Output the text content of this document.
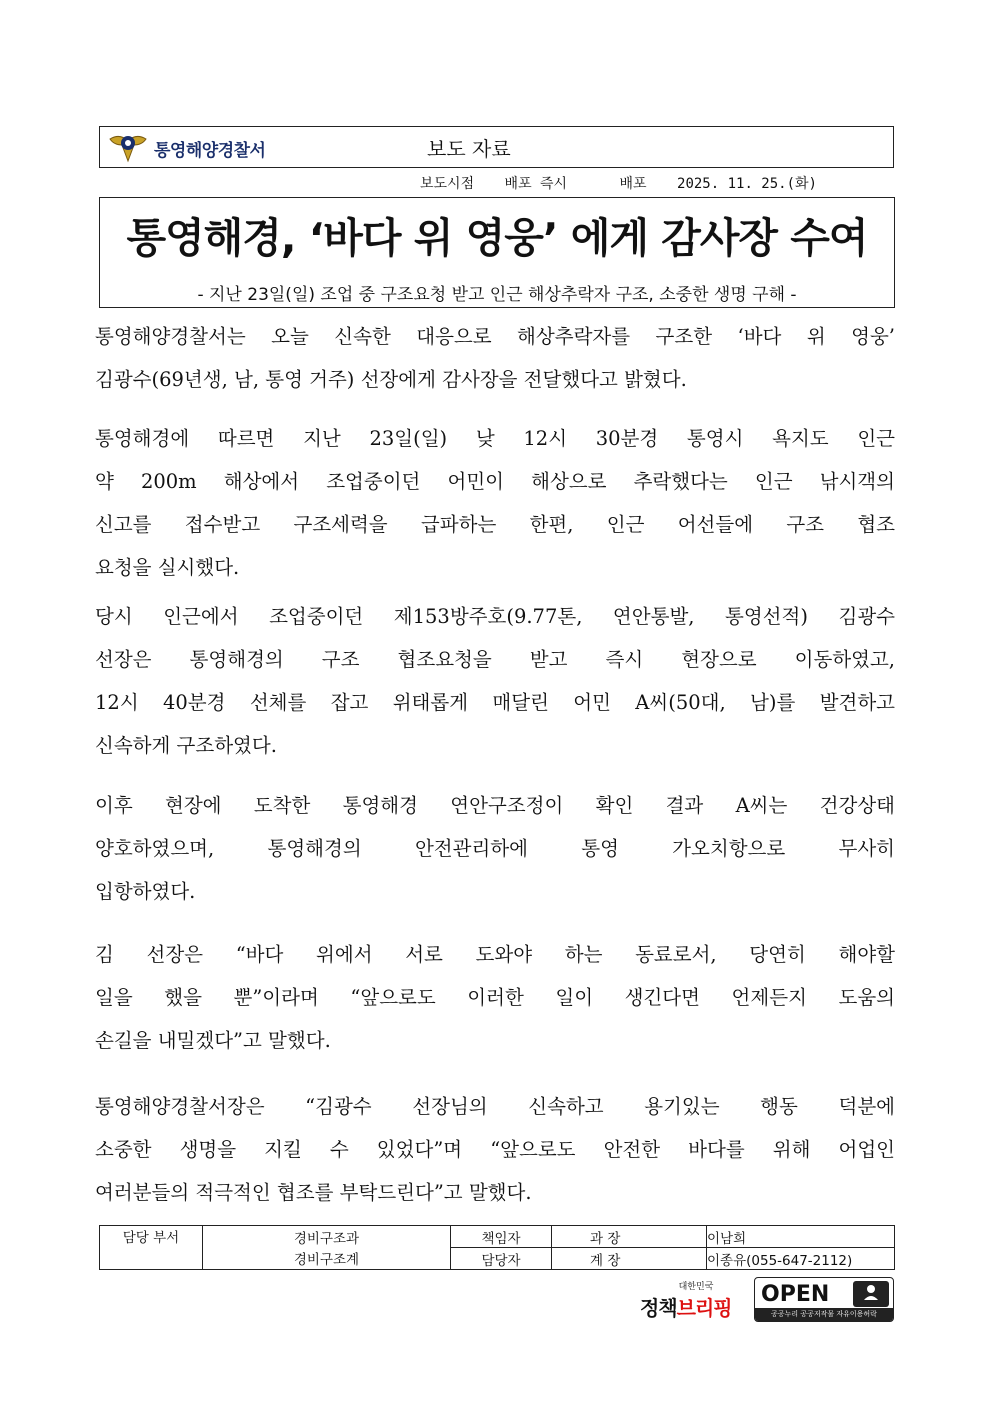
통영해양경찰서	보도 자료
보도시점 배포 즉시	배포 2025. 11. 25.(화)
통영해경, ‘바다 위 영웅’ 에게 감사장 수여
- 지난 23일(일) 조업 중 구조요청 받고 인근 해상추락자 구조, 소중한 생명 구해 -
통영해양경찰서는 오늘 신속한 대응으로 해상추락자를 구조한 ‘바다 위 영웅’
김광수(69년생, 남, 통영 거주) 선장에게 감사장을 전달했다고 밝혔다.
통영해경에 따르면 지난 23일(일) 낮 12시 30분경 통영시 욕지도 인근
약 200m 해상에서 조업중이던 어민이 해상으로 추락했다는 인근 낚시객의
신고를 접수받고 구조세력을 급파하는 한편, 인근 어선들에 구조 협조
요청을 실시했다.
당시 인근에서 조업중이던 제153방주호(9.77톤, 연안통발, 통영선적) 김광수
선장은 통영해경의 구조 협조요청을 받고 즉시 현장으로 이동하였고,
12시 40분경 선체를 잡고 위태롭게 매달린 어민 A씨(50대, 남)를 발견하고
신속하게 구조하였다.
이후 현장에 도착한 통영해경 연안구조정이 확인 결과 A씨는 건강상태
양호하였으며, 통영해경의 안전관리하에 통영 가오치항으로 무사히
입항하였다.
김 선장은 “바다 위에서 서로 도와야 하는 동료로서, 당연히 해야할
일을 했을 뿐”이라며 “앞으로도 이러한 일이 생긴다면 언제든지 도움의
손길을 내밀겠다”고 말했다.
통영해양경찰서장은 “김광수 선장님의 신속하고 용기있는 행동 덕분에
소중한 생명을 지킬 수 있었다”며 “앞으로도 안전한 바다를 위해 어업인
여러분들의 적극적인 협조를 부탁드린다”고 말했다.
담당 부서	경비구조과	책임자	과 장	이남희
	경비구조계	담당자	계 장	이종유(055-647-2112)
대한민국
정책브리핑
OPEN
공공누리 공공저작물 자유이용허락
